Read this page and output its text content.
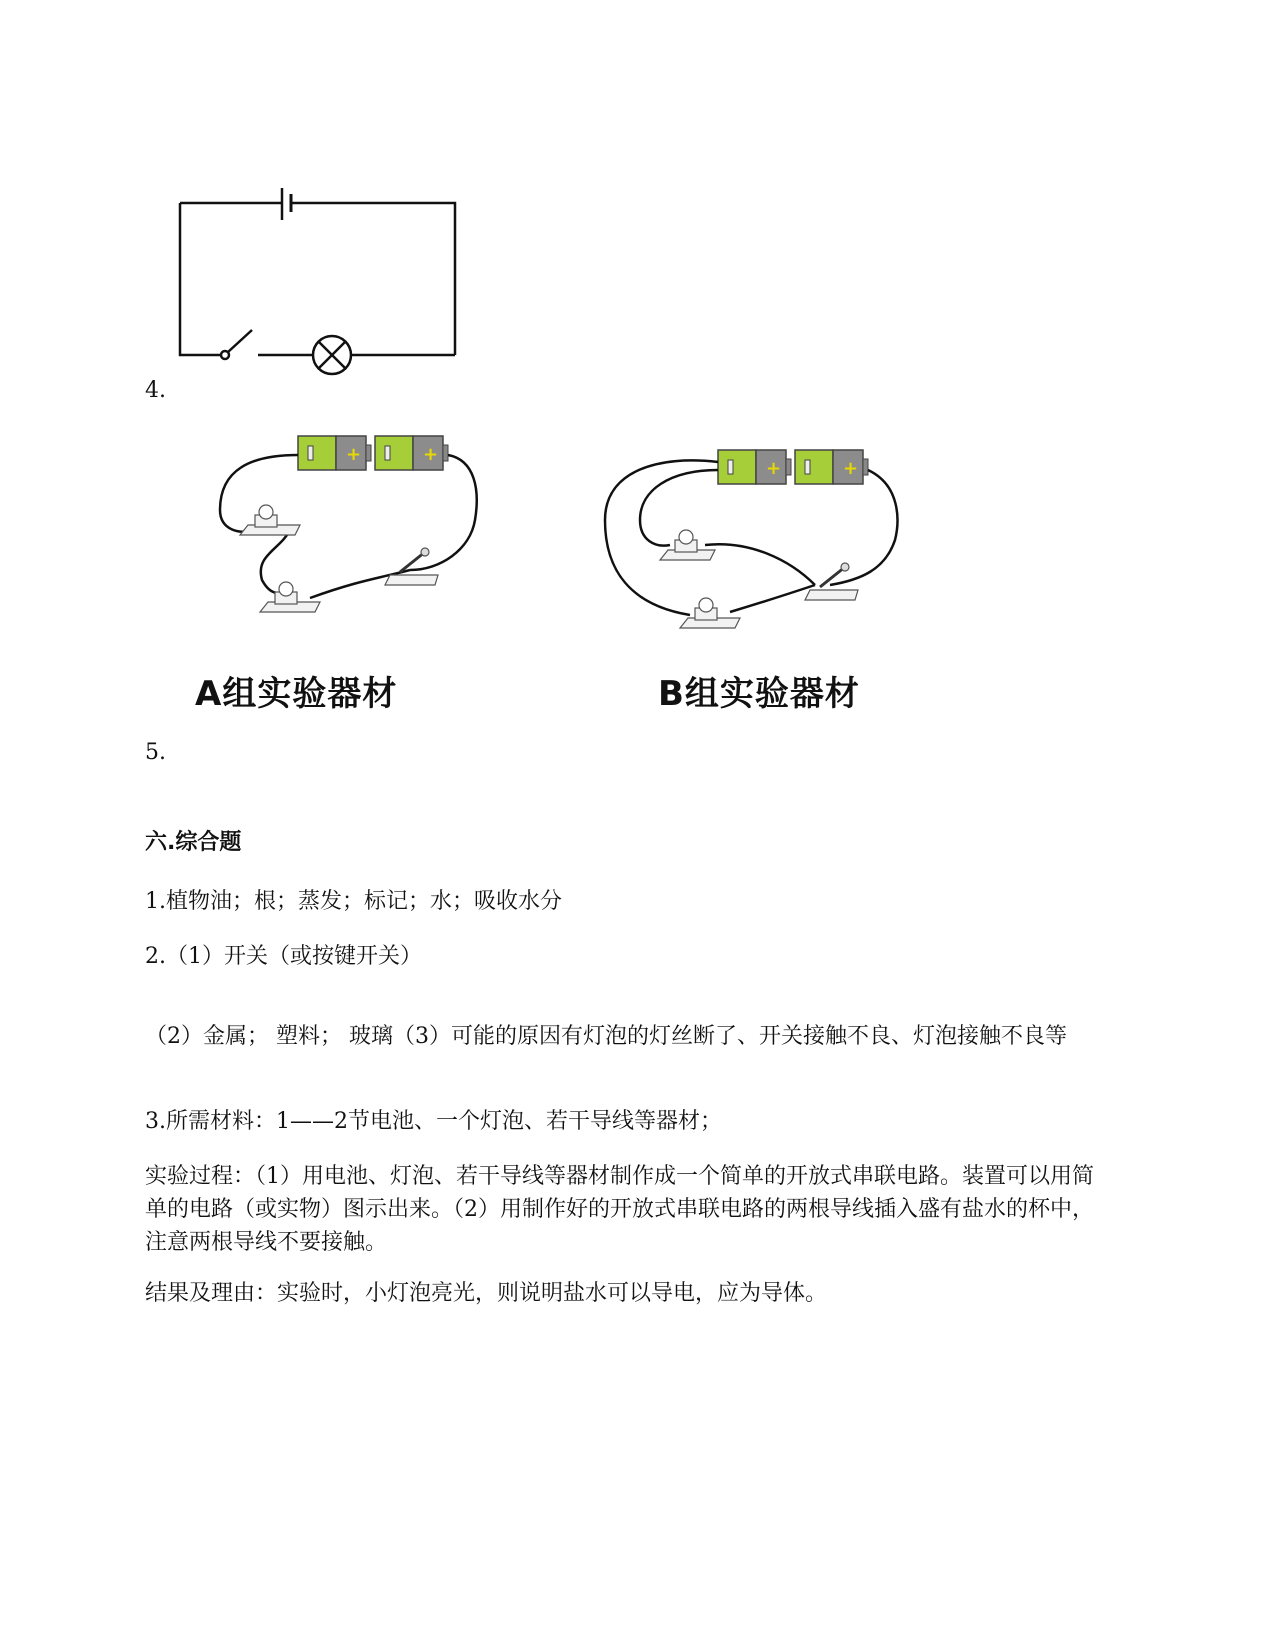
4.
+	+
+	+
A组实验器材	B组实验器材
5.
六.综合题
1.植物油；根；蒸发；标记；水；吸收水分
2.（1）开关（或按键开关）
（2）金属； 塑料； 玻璃（3）可能的原因有灯泡的灯丝断了、开关接触不良、灯泡接触不良等
3.所需材料：1——2节电池、一个灯泡、若干导线等器材；
实验过程：（1）用电池、灯泡、若干导线等器材制作成一个简单的开放式串联电路。装置可以用简单的电路（或实物）图示出来。（2）用制作好的开放式串联电路的两根导线插入盛有盐水的杯中，注意两根导线不要接触。
结果及理由：实验时，小灯泡亮光，则说明盐水可以导电，应为导体。
